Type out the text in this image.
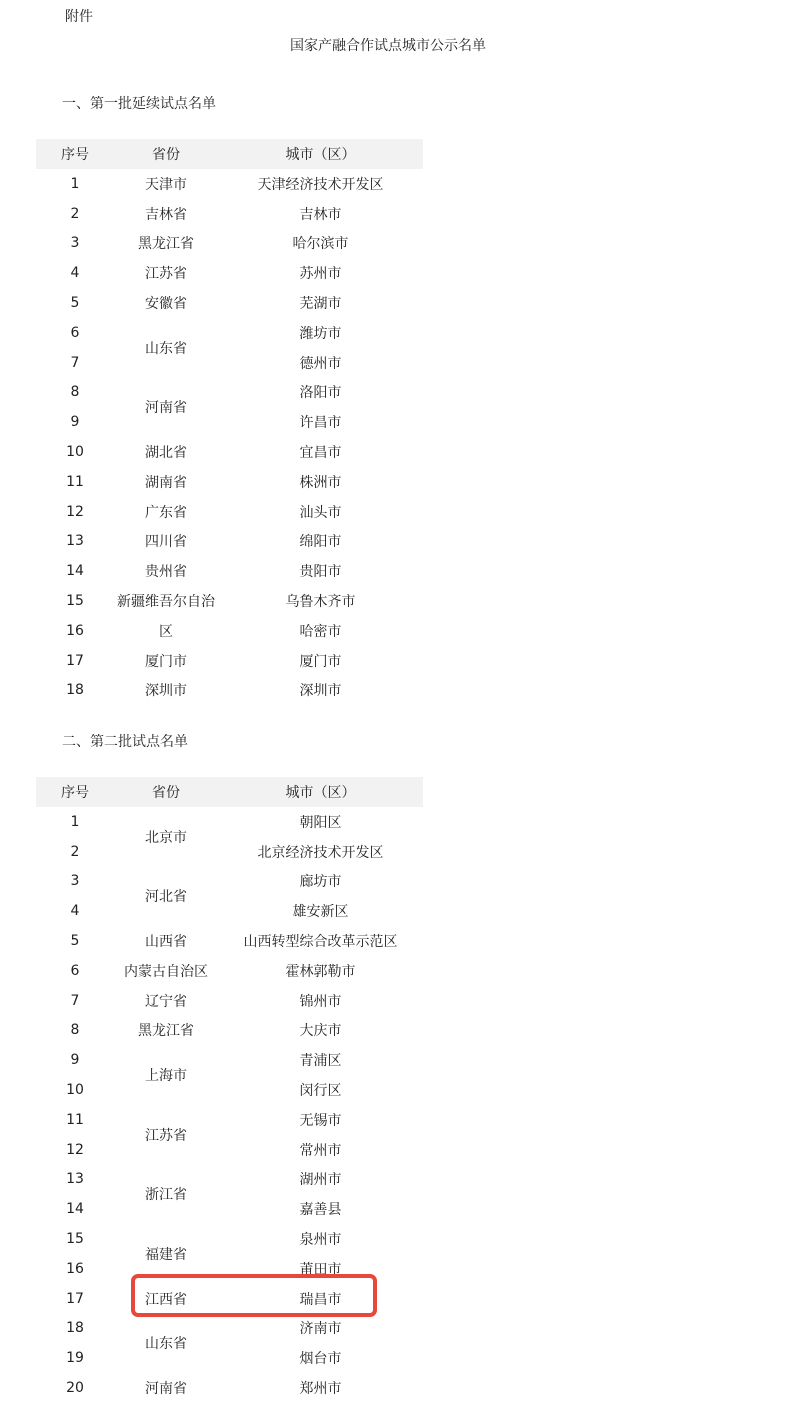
附件
国家产融合作试点城市公示名单
一、第一批延续试点名单
序号	省份	城市（区）
1	天津市	天津经济技术开发区
2	吉林省	吉林市
3	黑龙江省	哈尔滨市
4	江苏省	苏州市
5	安徽省	芜湖市
6	山东省	潍坊市
7		德州市
8	河南省	洛阳市
9		许昌市
10	湖北省	宜昌市
11	湖南省	株洲市
12	广东省	汕头市
13	四川省	绵阳市
14	贵州省	贵阳市
15	新疆维吾尔自治	乌鲁木齐市
16	区	哈密市
17	厦门市	厦门市
18	深圳市	深圳市
二、第二批试点名单
序号	省份	城市（区）
1	北京市	朝阳区
2		北京经济技术开发区
3	河北省	廊坊市
4		雄安新区
5	山西省	山西转型综合改革示范区
6	内蒙古自治区	霍林郭勒市
7	辽宁省	锦州市
8	黑龙江省	大庆市
9	上海市	青浦区
10		闵行区
11	江苏省	无锡市
12		常州市
13	浙江省	湖州市
14		嘉善县
15	福建省	泉州市
16		莆田市
17	江西省	瑞昌市
18	山东省	济南市
19		烟台市
20	河南省	郑州市
